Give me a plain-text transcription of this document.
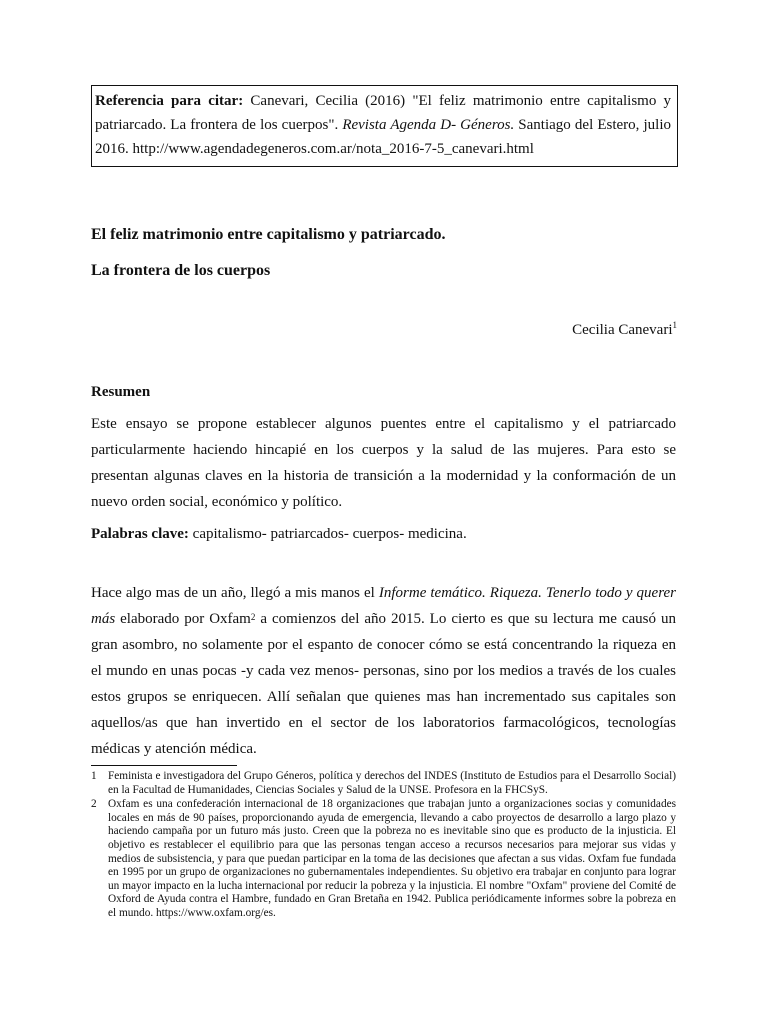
Referencia para citar: Canevari, Cecilia (2016) "El feliz matrimonio entre capitalismo y patriarcado. La frontera de los cuerpos". Revista Agenda D- Géneros. Santiago del Estero, julio 2016. http://www.agendadegeneros.com.ar/nota_2016-7-5_canevari.html
El feliz matrimonio entre capitalismo y patriarcado.
La frontera de los cuerpos
Cecilia Canevari$^1$
Resumen
Este ensayo se propone establecer algunos puentes entre el capitalismo y el patriarcado particularmente haciendo hincapié en los cuerpos y la salud de las mujeres. Para esto se presentan algunas claves en la historia de transición a la modernidad y la conformación de un nuevo orden social, económico y político.
Palabras clave: capitalismo- patriarcados- cuerpos- medicina.
Hace algo mas de un año, llegó a mis manos el Informe temático. Riqueza. Tenerlo todo y querer más elaborado por Oxfam$^2$ a comienzos del año 2015. Lo cierto es que su lectura me causó un gran asombro, no solamente por el espanto de conocer cómo se está concentrando la riqueza en el mundo en unas pocas -y cada vez menos- personas, sino por los medios a través de los cuales estos grupos se enriquecen. Allí señalan que quienes mas han incrementado sus capitales son aquellos/as que han invertido en el sector de los laboratorios farmacológicos, tecnologías médicas y atención médica.
1	Feminista e investigadora del Grupo Géneros, política y derechos del INDES (Instituto de Estudios para el Desarrollo Social) en la Facultad de Humanidades, Ciencias Sociales y Salud de la UNSE. Profesora en la FHCSyS.
2	Oxfam es una confederación internacional de 18 organizaciones que trabajan junto a organizaciones socias y comunidades locales en más de 90 países, proporcionando ayuda de emergencia, llevando a cabo proyectos de desarrollo a largo plazo y haciendo campaña por un futuro más justo. Creen que la pobreza no es inevitable sino que es producto de la injusticia. El objetivo es restablecer el equilibrio para que las personas tengan acceso a recursos necesarios para mejorar sus vidas y medios de subsistencia, y para que puedan participar en la toma de las decisiones que afectan a sus vidas. Oxfam fue fundada en 1995 por un grupo de organizaciones no gubernamentales independientes. Su objetivo era trabajar en conjunto para lograr un mayor impacto en la lucha internacional por reducir la pobreza y la injusticia. El nombre "Oxfam" proviene del Comité de Oxford de Ayuda contra el Hambre, fundado en Gran Bretaña en 1942. Publica periódicamente informes sobre la pobreza en el mundo. https://www.oxfam.org/es.
